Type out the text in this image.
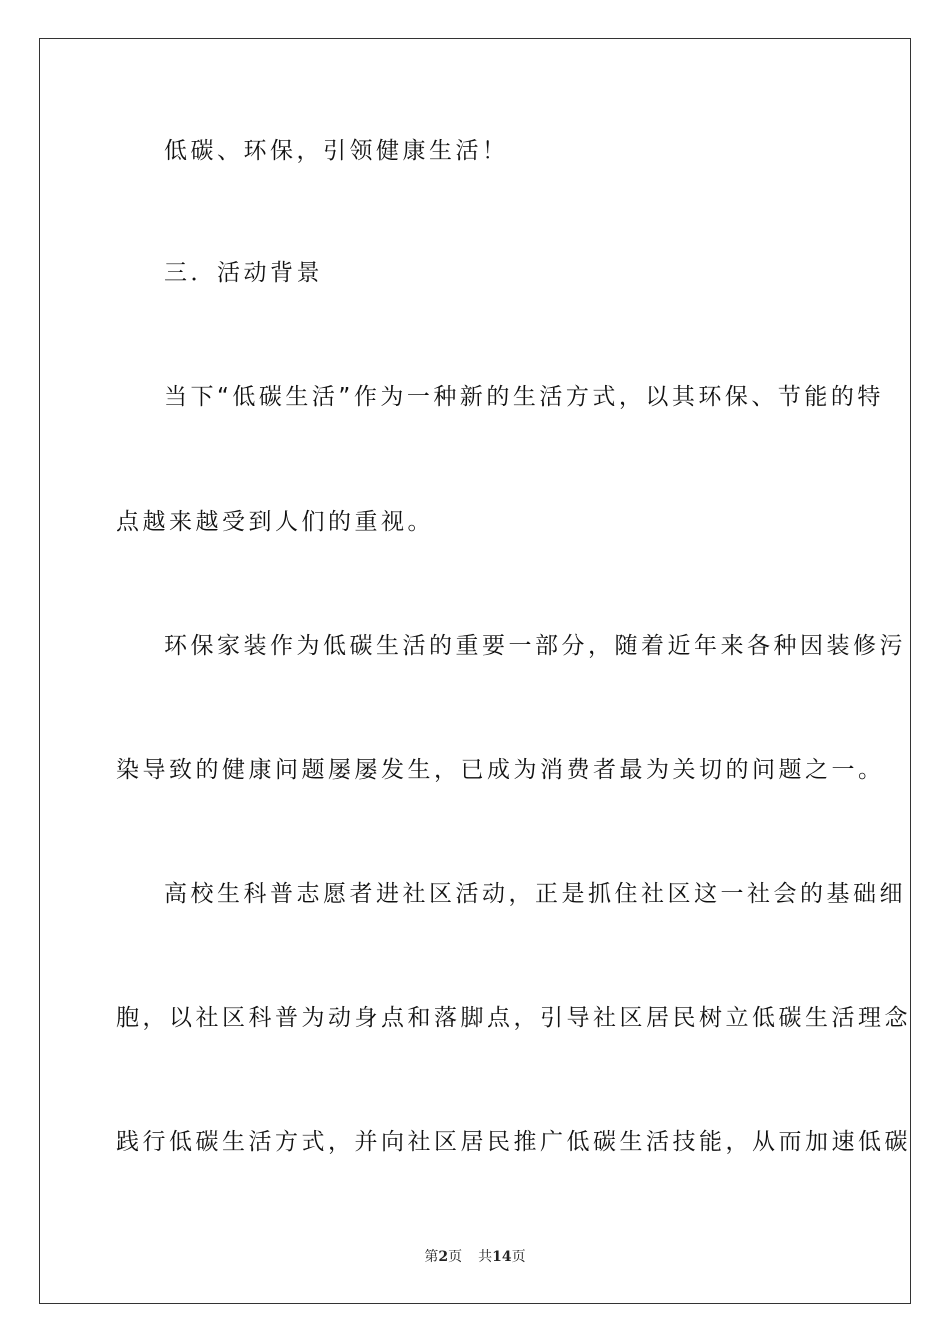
低碳、环保，引领健康生活！
三．活动背景
当下“低碳生活”作为一种新的生活方式，以其环保、节能的特
点越来越受到人们的重视。
环保家装作为低碳生活的重要一部分，随着近年来各种因装修污
染导致的健康问题屡屡发生，已成为消费者最为关切的问题之一。
高校生科普志愿者进社区活动，正是抓住社区这一社会的基础细
胞，以社区科普为动身点和落脚点，引导社区居民树立低碳生活理念
践行低碳生活方式，并向社区居民推广低碳生活技能，从而加速低碳
第2页 共14页
